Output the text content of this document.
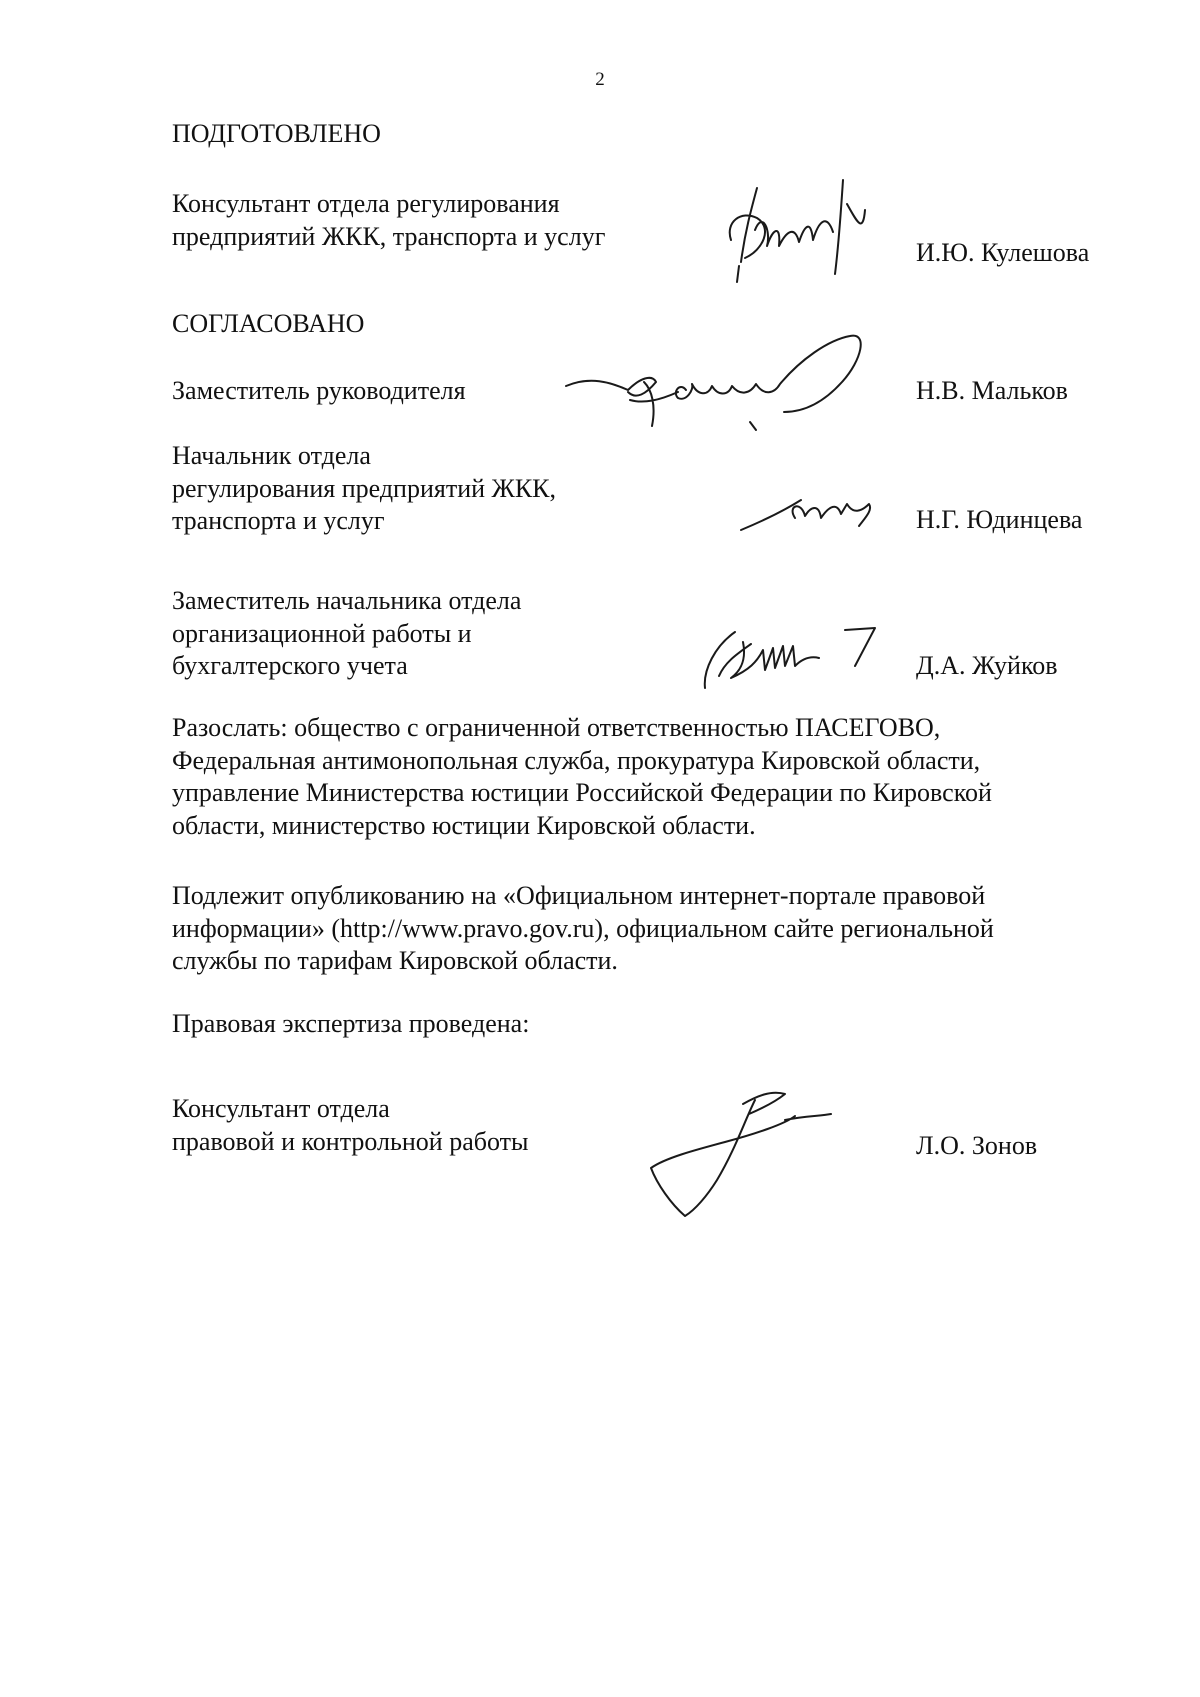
2
ПОДГОТОВЛЕНО
Консультант отдела регулирования
предприятий ЖКК, транспорта и услуг
И.Ю. Кулешова
СОГЛАСОВАНО
Заместитель руководителя	Н.В. Мальков
Начальник отдела
регулирования предприятий ЖКК,
транспорта и услуг	Н.Г. Юдинцева
Заместитель начальника отдела
организационной работы и
бухгалтерского учета	Д.А. Жуйков
Разослать: общество с ограниченной ответственностью ПАСЕГОВО,
Федеральная антимонопольная служба, прокуратура Кировской области,
управление Министерства юстиции Российской Федерации по Кировской
области, министерство юстиции Кировской области.
Подлежит опубликованию на «Официальном интернет-портале правовой
информации» (http://www.pravo.gov.ru), официальном сайте региональной
службы по тарифам Кировской области.
Правовая экспертиза проведена:
Консультант отдела
правовой и контрольной работы	Л.О. Зонов
